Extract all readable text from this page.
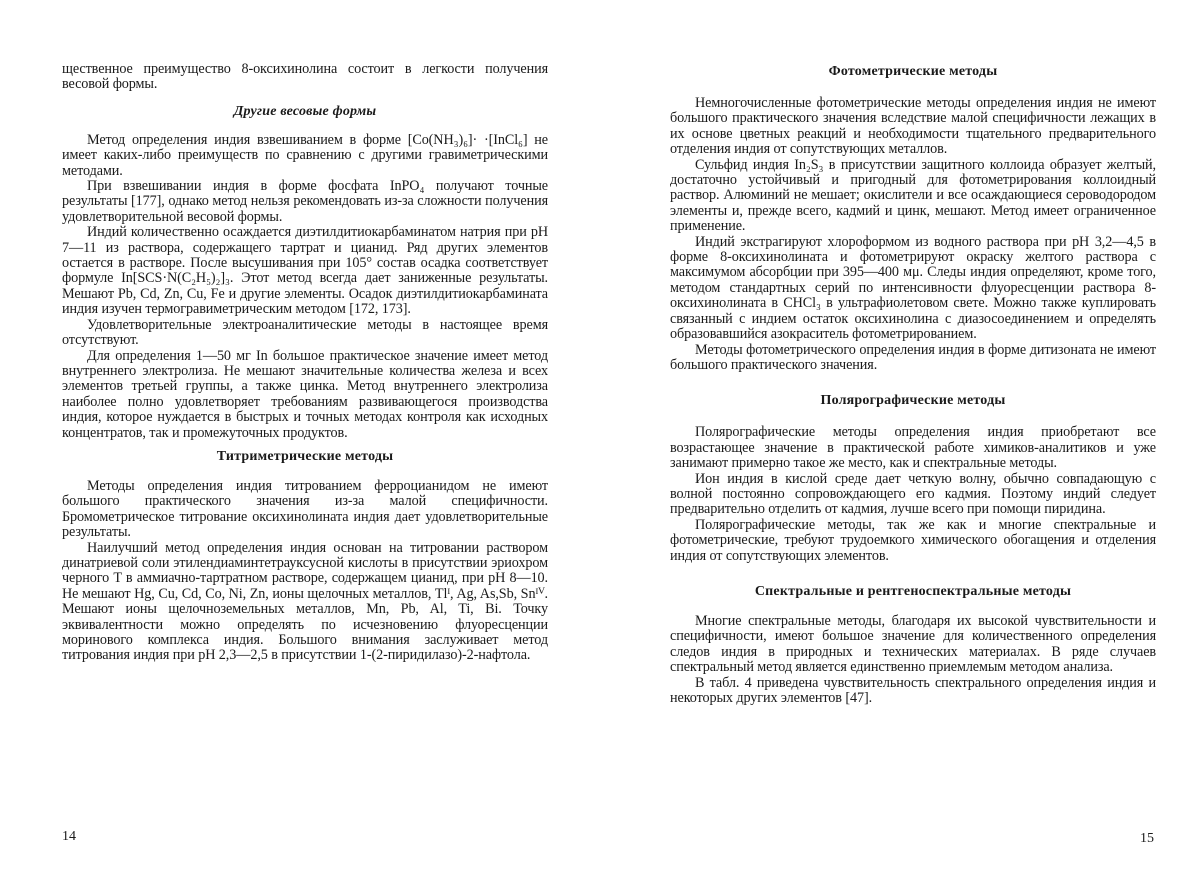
щественное преимущество 8-оксихинолина состоит в легкости получения весовой формы.

Другие весовые формы

Метод определения индия взвешиванием в форме [Co(NH₃)₆]· ·[InCl₆] не имеет каких-либо преимуществ по сравнению с другими гравиметрическими методами.

При взвешивании индия в форме фосфата InPO₄ получают точные результаты [177], однако метод нельзя рекомендовать из-за сложности получения удовлетворительной весовой формы.

Индий количественно осаждается диэтилдитиокарбаминатом натрия при pH 7—11 из раствора, содержащего тартрат и цианид. Ряд других элементов остается в растворе. После высушивания при 105° состав осадка соответствует формуле In[SCS·N(C₂H₅)₂]₃. Этот метод всегда дает заниженные результаты. Мешают Pb, Cd, Zn, Cu, Fe и другие элементы. Осадок диэтилдитиокарбамината индия изучен термогравиметрическим методом [172, 173].

Удовлетворительные электроаналитические методы в настоящее время отсутствуют.

Для определения 1—50 мг In большое практическое значение имеет метод внутреннего электролиза. Не мешают значительные количества железа и всех элементов третьей группы, а также цинка. Метод внутреннего электролиза наиболее полно удовлетворяет требованиям развивающегося производства индия, которое нуждается в быстрых и точных методах контроля как исходных концентратов, так и промежуточных продуктов.

Титриметрические методы

Методы определения индия титрованием ферроцианидом не имеют большого практического значения из-за малой специфичности. Бромометрическое титрование оксихинолината индия дает удовлетворительные результаты.

Наилучший метод определения индия основан на титровании раствором динатриевой соли этилендиаминтетрауксусной кислоты в присутствии эриохром черного T в аммиачно-тартратном растворе, содержащем цианид, при pH 8—10. Не мешают Hg, Cu, Cd, Co, Ni, Zn, ионы щелочных металлов, Tlᴵ, Ag, As,Sb, Snᴵⱽ. Мешают ионы щелочноземельных металлов, Mn, Pb, Al, Ti, Bi. Точку эквивалентности можно определять по исчезновению флуоресценции моринового комплекса индия. Большого внимания заслуживает метод титрования индия при pH 2,3—2,5 в присутствии 1-(2-пиридилазо)-2-нафтола.

14
Фотометрические методы

Немногочисленные фотометрические методы определения индия не имеют большого практического значения вследствие малой специфичности лежащих в их основе цветных реакций и необходимости тщательного предварительного отделения индия от сопутствующих металлов.

Сульфид индия In₂S₃ в присутствии защитного коллоида образует желтый, достаточно устойчивый и пригодный для фотометрирования коллоидный раствор. Алюминий не мешает; окислители и все осаждающиеся сероводородом элементы и, прежде всего, кадмий и цинк, мешают. Метод имеет ограниченное применение.

Индий экстрагируют хлороформом из водного раствора при pH 3,2—4,5 в форме 8-оксихинолината и фотометрируют окраску желтого раствора с максимумом абсорбции при 395—400 мμ. Следы индия определяют, кроме того, методом стандартных серий по интенсивности флуоресценции раствора 8-оксихинолината в CHCl₃ в ультрафиолетовом свете. Можно также куплировать связанный с индием остаток оксихинолина с диазосоединением и определять образовавшийся азокраситель фотометрированием.

Методы фотометрического определения индия в форме дитизоната не имеют большого практического значения.

Полярографические методы

Полярографические методы определения индия приобретают все возрастающее значение в практической работе химиков-аналитиков и уже занимают примерно такое же место, как и спектральные методы.

Ион индия в кислой среде дает четкую волну, обычно совпадающую с волной постоянно сопровождающего его кадмия. Поэтому индий следует предварительно отделить от кадмия, лучше всего при помощи пиридина.

Полярографические методы, так же как и многие спектральные и фотометрические, требуют трудоемкого химического обогащения и отделения индия от сопутствующих элементов.

Спектральные и рентгеноспектральные методы

Многие спектральные методы, благодаря их высокой чувствительности и специфичности, имеют большое значение для количественного определения следов индия в природных и технических материалах. В ряде случаев спектральный метод является единственно приемлемым методом анализа.

В табл. 4 приведена чувствительность спектрального определения индия и некоторых других элементов [47].

15
